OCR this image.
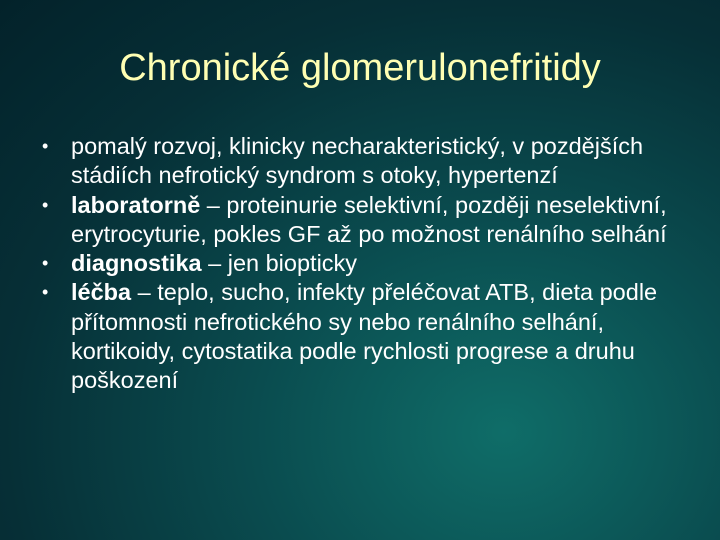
Chronické glomerulonefritidy
• pomalý rozvoj, klinicky necharakteristický, v pozdějších stádiích nefrotický syndrom s otoky, hypertenzí
• laboratorně – proteinurie selektivní, později neselektivní, erytrocyturie, pokles GF až po možnost renálního selhání
• diagnostika – jen biopticky
• léčba – teplo, sucho, infekty přeléčovat ATB, dieta podle přítomnosti nefrotického sy nebo renálního selhání, kortikoidy, cytostatika podle rychlosti progrese a druhu poškození
